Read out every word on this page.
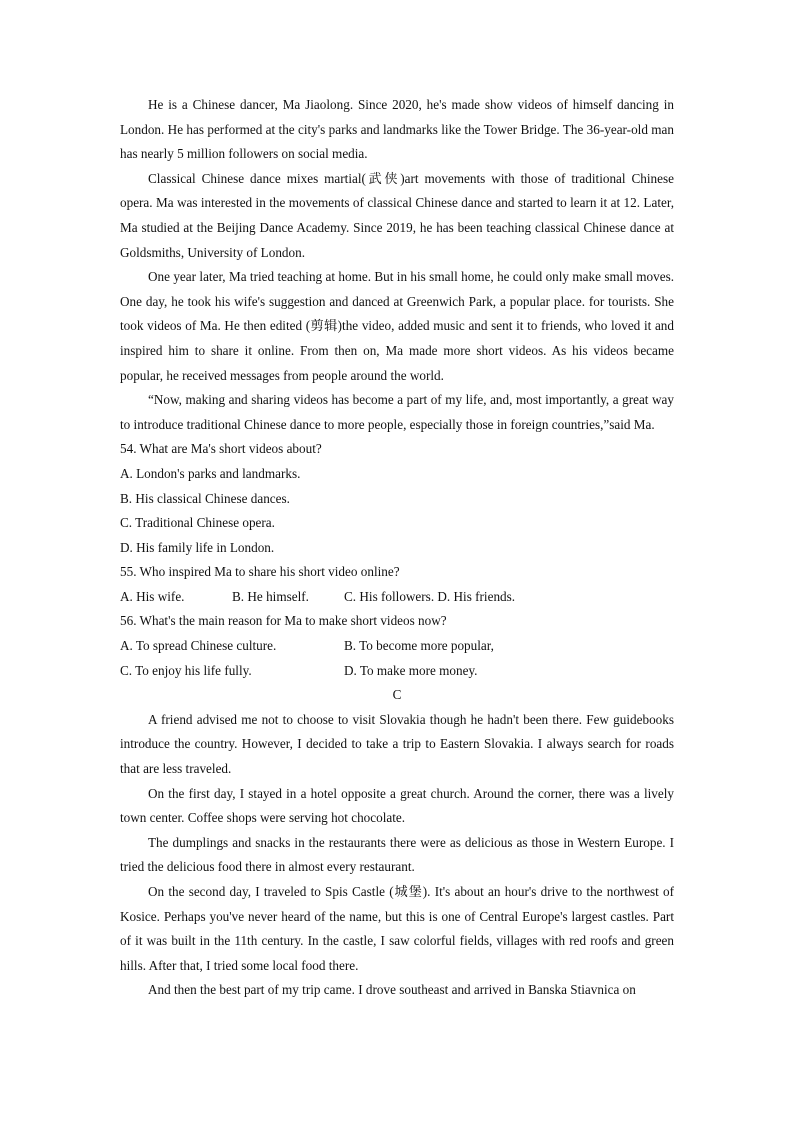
He is a Chinese dancer, Ma Jiaolong. Since 2020, he's made show videos of himself dancing in London. He has performed at the city's parks and landmarks like the Tower Bridge. The 36-year-old man has nearly 5 million followers on social media.

Classical Chinese dance mixes martial(武侠)art movements with those of traditional Chinese opera. Ma was interested in the movements of classical Chinese dance and started to learn it at 12. Later, Ma studied at the Beijing Dance Academy. Since 2019, he has been teaching classical Chinese dance at Goldsmiths, University of London.

One year later, Ma tried teaching at home. But in his small home, he could only make small moves. One day, he took his wife's suggestion and danced at Greenwich Park, a popular place. for tourists. She took videos of Ma. He then edited (剪辑)the video, added music and sent it to friends, who loved it and inspired him to share it online. From then on, Ma made more short videos. As his videos became popular, he received messages from people around the world.

“Now, making and sharing videos has become a part of my life, and, most importantly, a great way to introduce traditional Chinese dance to more people, especially those in foreign countries,”said Ma.

54. What are Ma's short videos about?

A. London's parks and landmarks.

B. His classical Chinese dances.

C. Traditional Chinese opera.

D. His family life in London.

55. Who inspired Ma to share his short video online?

A. His wife.	B. He himself.	C. His followers. D. His friends.

56. What's the main reason for Ma to make short videos now?

A. To spread Chinese culture.	B. To become more popular,
C. To enjoy his life fully.	D. To make more money.
C

A friend advised me not to choose to visit Slovakia though he hadn't been there. Few guidebooks introduce the country. However, I decided to take a trip to Eastern Slovakia. I always search for roads that are less traveled.

On the first day, I stayed in a hotel opposite a great church. Around the corner, there was a lively town center. Coffee shops were serving hot chocolate.

The dumplings and snacks in the restaurants there were as delicious as those in Western Europe. I tried the delicious food there in almost every restaurant.

On the second day, I traveled to Spis Castle (城堡). It's about an hour's drive to the northwest of Kosice. Perhaps you've never heard of the name, but this is one of Central Europe's largest castles. Part of it was built in the 11th century. In the castle, I saw colorful fields, villages with red roofs and green hills. After that, I tried some local food there.

And then the best part of my trip came. I drove southeast and arrived in Banska Stiavnica on
